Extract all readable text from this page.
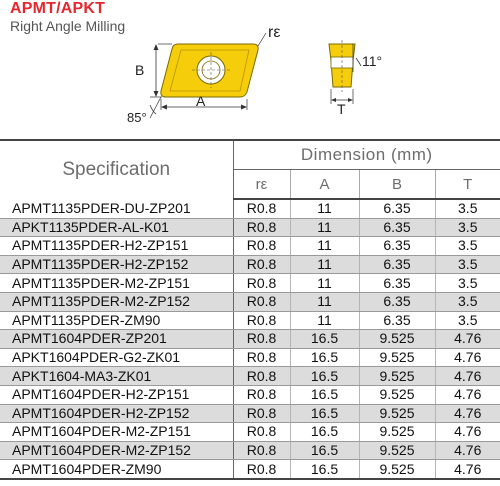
APMT/APKT
Right Angle Milling	rε
B
A
85°
11°
T
Specification	Dimension (mm)			
	rε	A	B	T
APMT1135PDER-DU-ZP201	R0.8	11	6.35	3.5
APKT1135PDER-AL-K01	R0.8	11	6.35	3.5
APMT1135PDER-H2-ZP151	R0.8	11	6.35	3.5
APMT1135PDER-H2-ZP152	R0.8	11	6.35	3.5
APMT1135PDER-M2-ZP151	R0.8	11	6.35	3.5
APMT1135PDER-M2-ZP152	R0.8	11	6.35	3.5
APMT1135PDER-ZM90	R0.8	11	6.35	3.5
APMT1604PDER-ZP201	R0.8	16.5	9.525	4.76
APKT1604PDER-G2-ZK01	R0.8	16.5	9.525	4.76
APKT1604-MA3-ZK01	R0.8	16.5	9.525	4.76
APMT1604PDER-H2-ZP151	R0.8	16.5	9.525	4.76
APMT1604PDER-H2-ZP152	R0.8	16.5	9.525	4.76
APMT1604PDER-M2-ZP151	R0.8	16.5	9.525	4.76
APMT1604PDER-M2-ZP152	R0.8	16.5	9.525	4.76
APMT1604PDER-ZM90	R0.8	16.5	9.525	4.76
